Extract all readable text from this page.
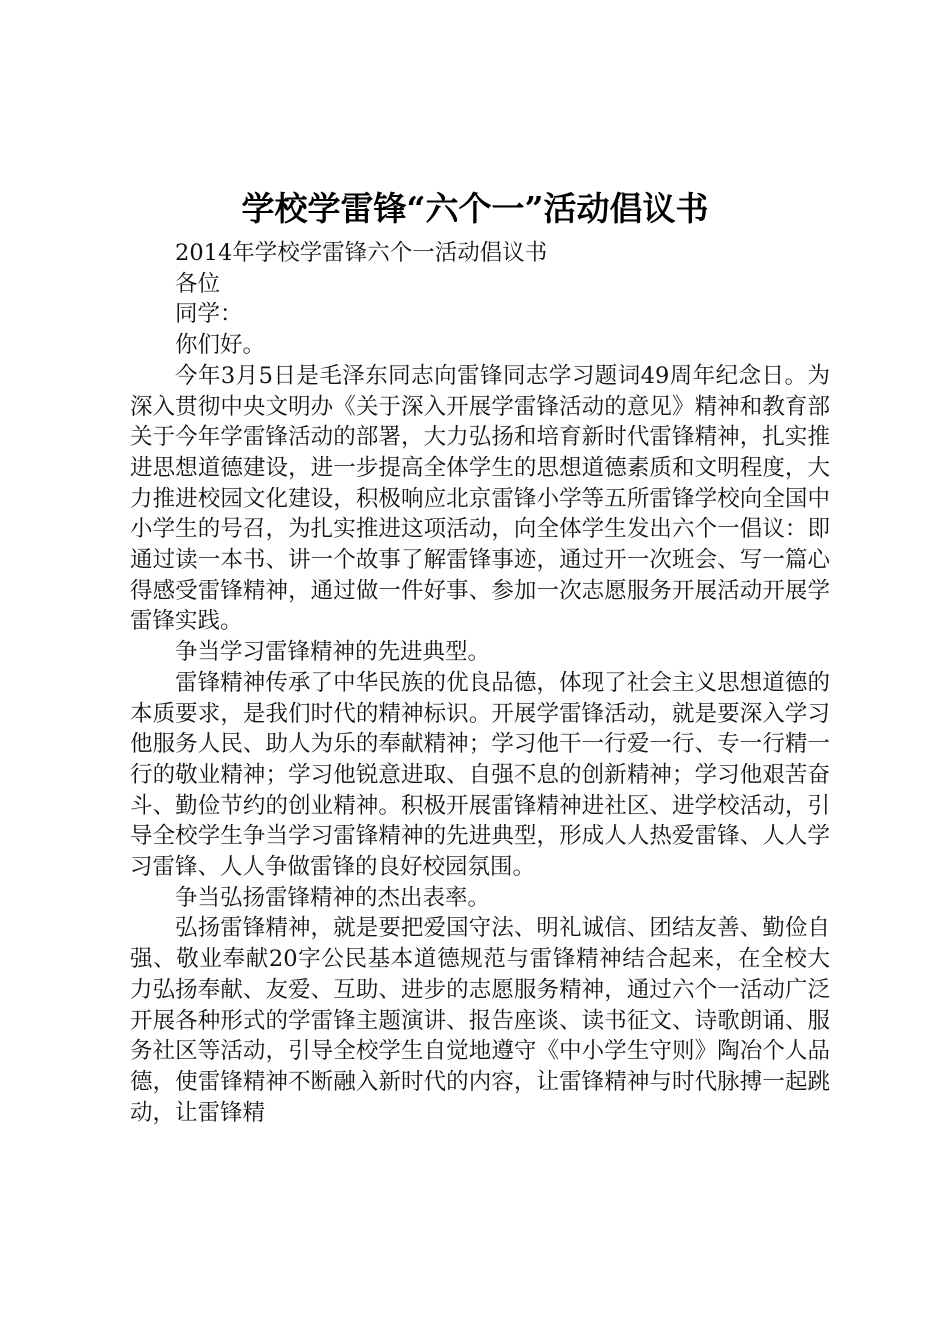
学校学雷锋“六个一”活动倡议书

2014年学校学雷锋六个一活动倡议书

各位

同学：

你们好。

今年3月5日是毛泽东同志向雷锋同志学习题词49周年纪念日。为深入贯彻中央文明办《关于深入开展学雷锋活动的意见》精神和教育部关于今年学雷锋活动的部署，大力弘扬和培育新时代雷锋精神，扎实推进思想道德建设，进一步提高全体学生的思想道德素质和文明程度，大力推进校园文化建设，积极响应北京雷锋小学等五所雷锋学校向全国中小学生的号召，为扎实推进这项活动，向全体学生发出六个一倡议：即通过读一本书、讲一个故事了解雷锋事迹，通过开一次班会、写一篇心得感受雷锋精神，通过做一件好事、参加一次志愿服务开展活动开展学雷锋实践。

争当学习雷锋精神的先进典型。

雷锋精神传承了中华民族的优良品德，体现了社会主义思想道德的本质要求，是我们时代的精神标识。开展学雷锋活动，就是要深入学习他服务人民、助人为乐的奉献精神；学习他干一行爱一行、专一行精一行的敬业精神；学习他锐意进取、自强不息的创新精神；学习他艰苦奋斗、勤俭节约的创业精神。积极开展雷锋精神进社区、进学校活动，引导全校学生争当学习雷锋精神的先进典型，形成人人热爱雷锋、人人学习雷锋、人人争做雷锋的良好校园氛围。

争当弘扬雷锋精神的杰出表率。

弘扬雷锋精神，就是要把爱国守法、明礼诚信、团结友善、勤俭自强、敬业奉献20字公民基本道德规范与雷锋精神结合起来，在全校大力弘扬奉献、友爱、互助、进步的志愿服务精神，通过六个一活动广泛开展各种形式的学雷锋主题演讲、报告座谈、读书征文、诗歌朗诵、服务社区等活动，引导全校学生自觉地遵守《中小学生守则》陶冶个人品德，使雷锋精神不断融入新时代的内容，让雷锋精神与时代脉搏一起跳动，让雷锋精
